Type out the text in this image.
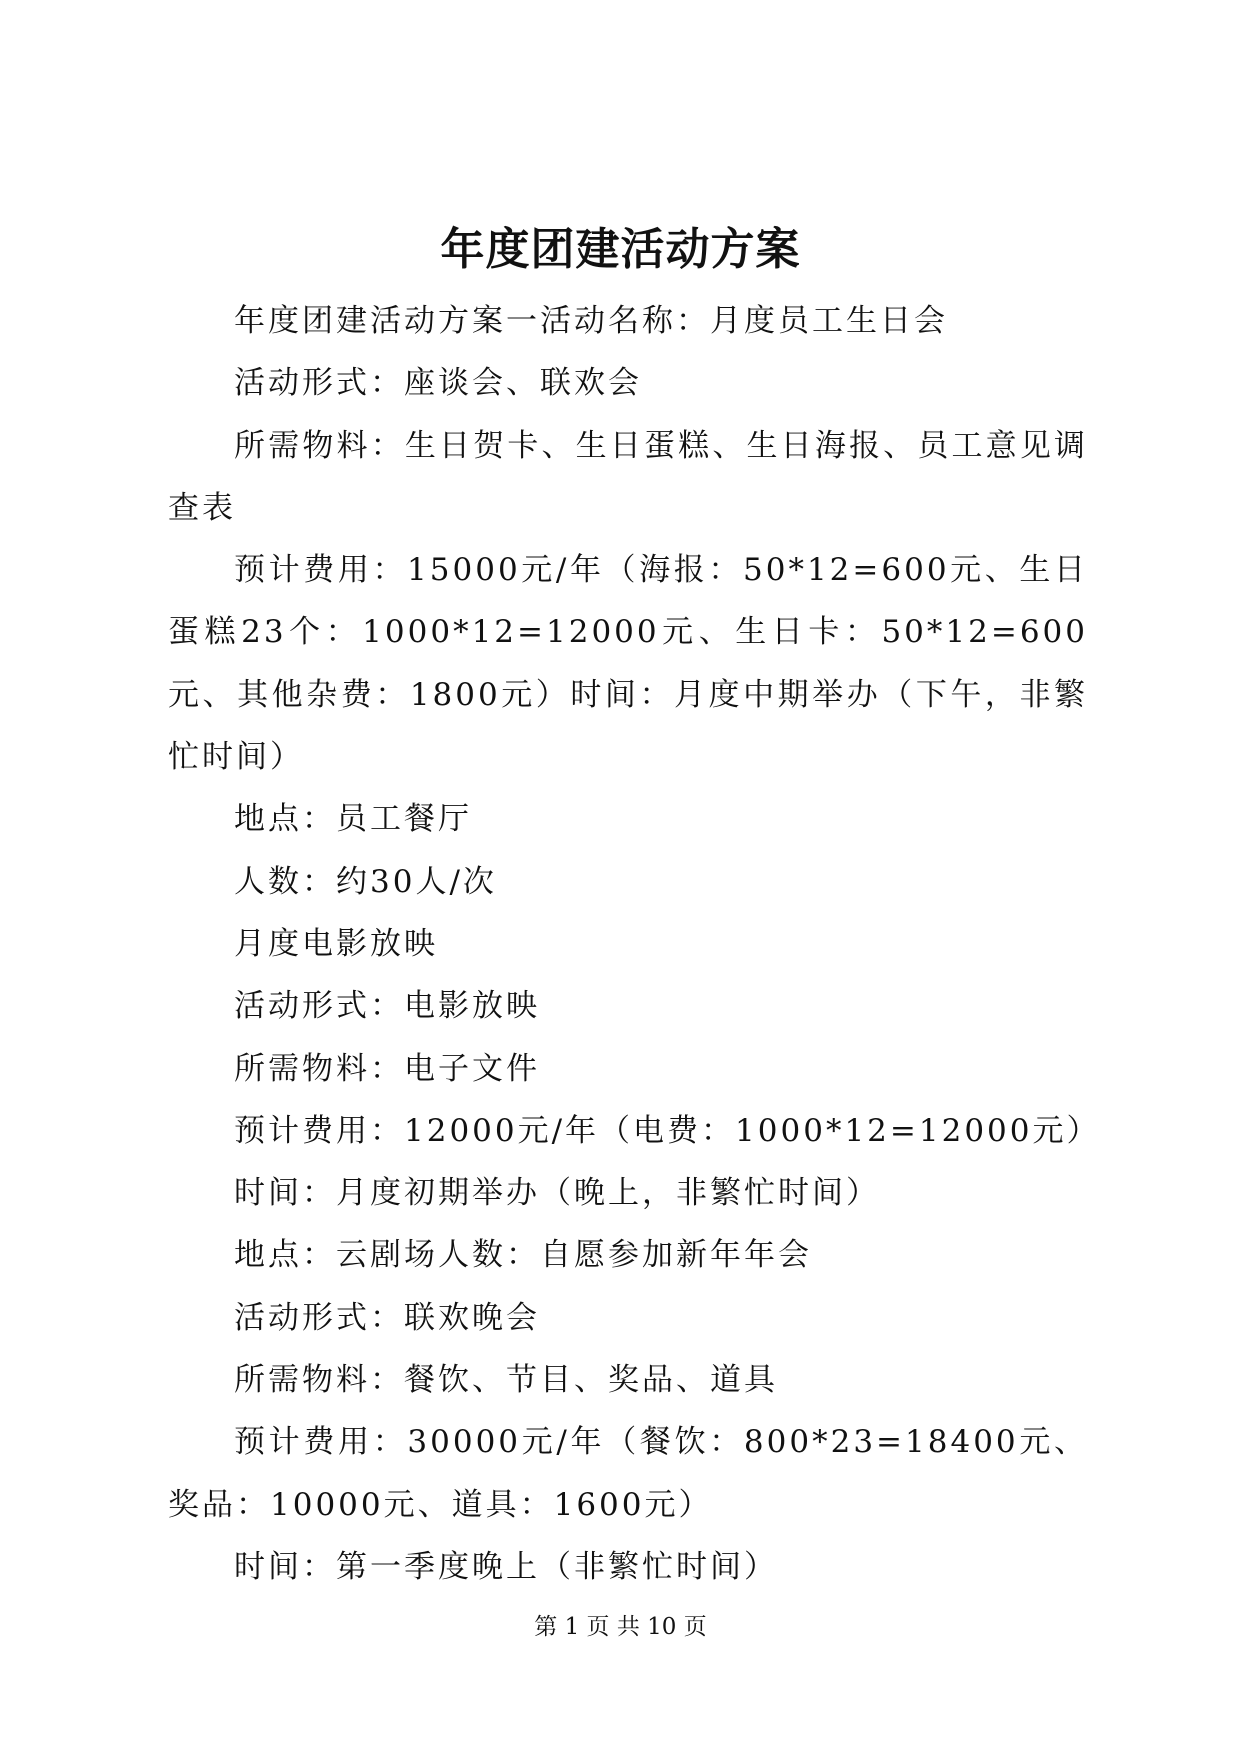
年度团建活动方案

年度团建活动方案一活动名称：月度员工生日会

活动形式：座谈会、联欢会

所需物料：生日贺卡、生日蛋糕、生日海报、员工意见调查表

预计费用：15000元/年（海报：50*12=600元、生日蛋糕23个：1000*12=12000元、生日卡：50*12=600元、其他杂费：1800元）时间：月度中期举办（下午，非繁忙时间）

地点：员工餐厅

人数：约30人/次

月度电影放映

活动形式：电影放映

所需物料：电子文件

预计费用：12000元/年（电费：1000*12=12000元）

时间：月度初期举办（晚上，非繁忙时间）

地点：云剧场人数：自愿参加新年年会

活动形式：联欢晚会

所需物料：餐饮、节目、奖品、道具

预计费用：30000元/年（餐饮：800*23=18400元、奖品：10000元、道具：1600元）

时间：第一季度晚上（非繁忙时间）

第 1 页 共 10 页
